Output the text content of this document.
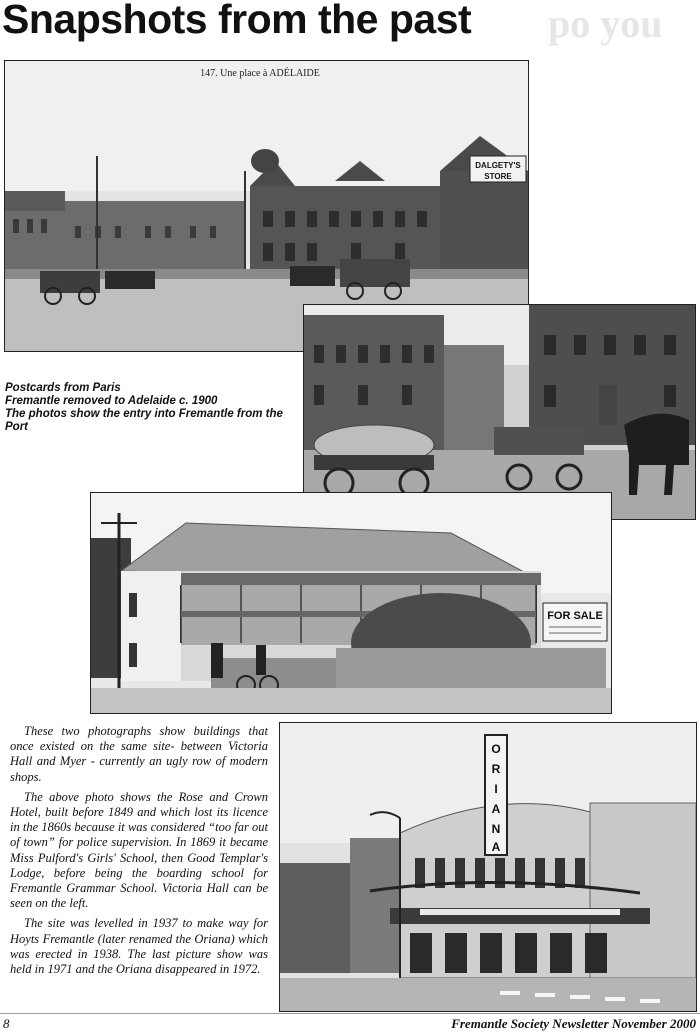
po you
Snapshots from the past
DALGETY'S
STORE
147. Une place à ADÉLAIDE
Postcards from Paris
Fremantle removed to Adelaide c. 1900
The photos show the entry into Fremantle from the
Port
FOR SALE

These two photographs show buildings that once existed on the same site- between Victoria Hall and Myer - currently an ugly row of modern shops.

The above photo shows the Rose and Crown Hotel, built before 1849 and which lost its licence in the 1860s because it was considered “too far out of town” for police supervision. In 1869 it became Miss Pulford's Girls' School, then Good Templar's Lodge, before being the boarding school for Fremantle Grammar School. Victoria Hall can be seen on the left.

The site was levelled in 1937 to make way for Hoyts Fremantle (later renamed the Oriana) which was erected in 1938. The last picture show was held in 1971 and the Oriana disappeared in 1972.

O
R
I
A
N
A
8	Fremantle Society Newsletter November 2000
